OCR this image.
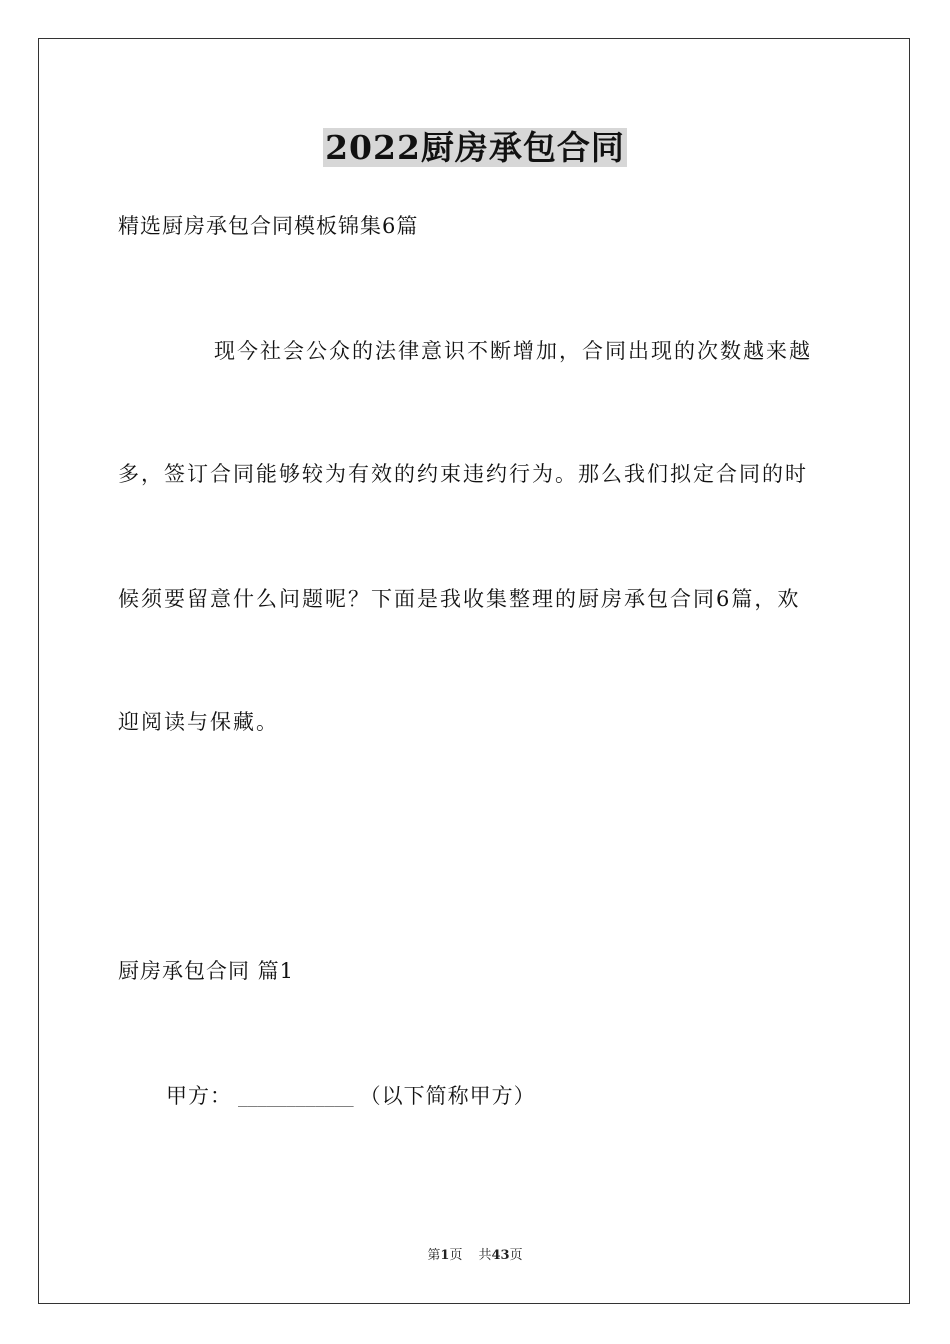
2022厨房承包合同
精选厨房承包合同模板锦集6篇
现今社会公众的法律意识不断增加，合同出现的次数越来越
多，签订合同能够较为有效的约束违约行为。那么我们拟定合同的时
候须要留意什么问题呢？下面是我收集整理的厨房承包合同6篇，欢
迎阅读与保藏。
厨房承包合同 篇1
甲方： ____________ （以下简称甲方）
第1页 共43页
